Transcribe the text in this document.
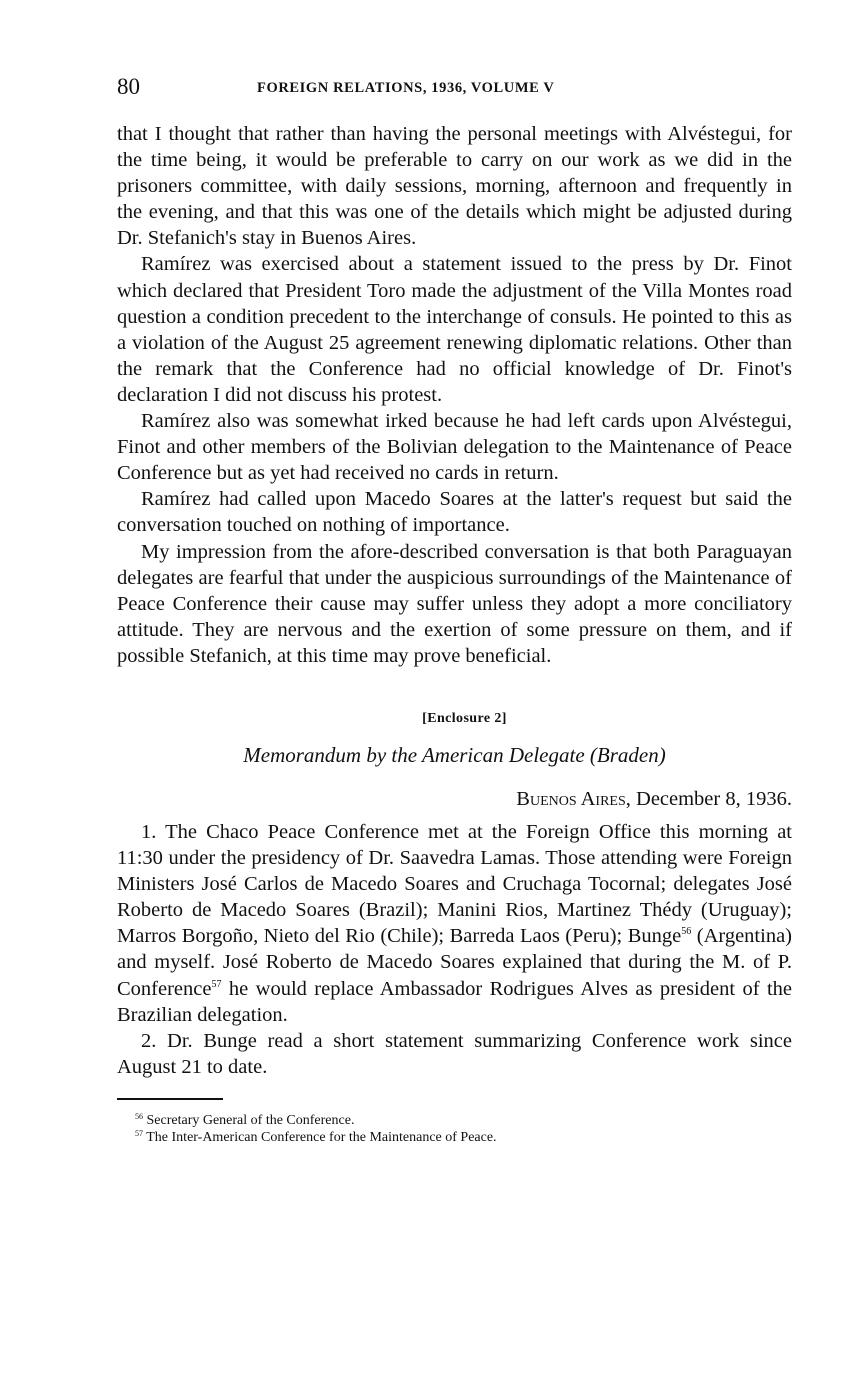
80	FOREIGN RELATIONS, 1936, VOLUME V

that I thought that rather than having the personal meetings with Alvéstegui, for the time being, it would be preferable to carry on our work as we did in the prisoners committee, with daily sessions, morning, afternoon and frequently in the evening, and that this was one of the details which might be adjusted during Dr. Stefanich's stay in Buenos Aires.

Ramírez was exercised about a statement issued to the press by Dr. Finot which declared that President Toro made the adjustment of the Villa Montes road question a condition precedent to the interchange of consuls. He pointed to this as a violation of the August 25 agreement renewing diplomatic relations. Other than the remark that the Conference had no official knowledge of Dr. Finot's declaration I did not discuss his protest.

Ramírez also was somewhat irked because he had left cards upon Alvéstegui, Finot and other members of the Bolivian delegation to the Maintenance of Peace Conference but as yet had received no cards in return.

Ramírez had called upon Macedo Soares at the latter's request but said the conversation touched on nothing of importance.

My impression from the afore-described conversation is that both Paraguayan delegates are fearful that under the auspicious surroundings of the Maintenance of Peace Conference their cause may suffer unless they adopt a more conciliatory attitude. They are nervous and the exertion of some pressure on them, and if possible Stefanich, at this time may prove beneficial.

[Enclosure 2]
Memorandum by the American Delegate (Braden)
Buenos Aires, December 8, 1936.

1. The Chaco Peace Conference met at the Foreign Office this morning at 11:30 under the presidency of Dr. Saavedra Lamas. Those attending were Foreign Ministers José Carlos de Macedo Soares and Cruchaga Tocornal; delegates José Roberto de Macedo Soares (Brazil); Manini Rios, Martinez Thédy (Uruguay); Marros Borgoño, Nieto del Rio (Chile); Barreda Laos (Peru); Bunge$^{56}$ (Argentina) and myself. José Roberto de Macedo Soares explained that during the M. of P. Conference$^{57}$ he would replace Ambassador Rodrigues Alves as president of the Brazilian delegation.

2. Dr. Bunge read a short statement summarizing Conference work since August 21 to date.

$^{56}$ Secretary General of the Conference.
$^{57}$ The Inter-American Conference for the Maintenance of Peace.
